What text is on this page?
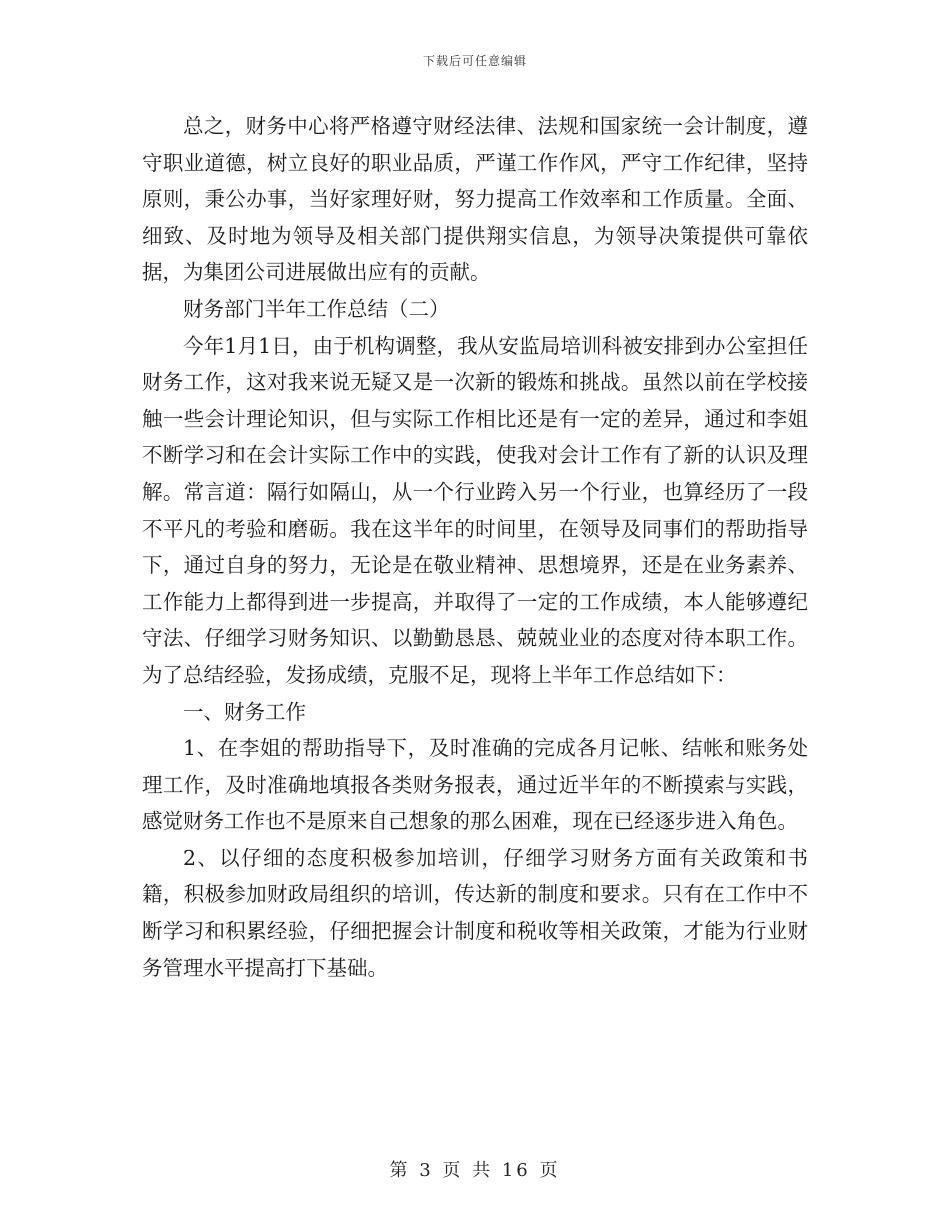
下载后可任意编辑

总之，财务中心将严格遵守财经法律、法规和国家统一会计制度，遵守职业道德，树立良好的职业品质，严谨工作作风，严守工作纪律，坚持原则，秉公办事，当好家理好财，努力提高工作效率和工作质量。全面、细致、及时地为领导及相关部门提供翔实信息，为领导决策提供可靠依据，为集团公司进展做出应有的贡献。

财务部门半年工作总结（二）

今年1月1日，由于机构调整，我从安监局培训科被安排到办公室担任财务工作，这对我来说无疑又是一次新的锻炼和挑战。虽然以前在学校接触一些会计理论知识，但与实际工作相比还是有一定的差异，通过和李姐不断学习和在会计实际工作中的实践，使我对会计工作有了新的认识及理解。常言道：隔行如隔山，从一个行业跨入另一个行业，也算经历了一段不平凡的考验和磨砺。我在这半年的时间里，在领导及同事们的帮助指导下，通过自身的努力，无论是在敬业精神、思想境界，还是在业务素养、工作能力上都得到进一步提高，并取得了一定的工作成绩，本人能够遵纪守法、仔细学习财务知识、以勤勤恳恳、兢兢业业的态度对待本职工作。为了总结经验，发扬成绩，克服不足，现将上半年工作总结如下：

一、财务工作

1、在李姐的帮助指导下，及时准确的完成各月记帐、结帐和账务处理工作，及时准确地填报各类财务报表，通过近半年的不断摸索与实践，感觉财务工作也不是原来自己想象的那么困难，现在已经逐步进入角色。

2、以仔细的态度积极参加培训，仔细学习财务方面有关政策和书籍，积极参加财政局组织的培训，传达新的制度和要求。只有在工作中不断学习和积累经验，仔细把握会计制度和税收等相关政策，才能为行业财务管理水平提高打下基础。

第 3 页 共 16 页
